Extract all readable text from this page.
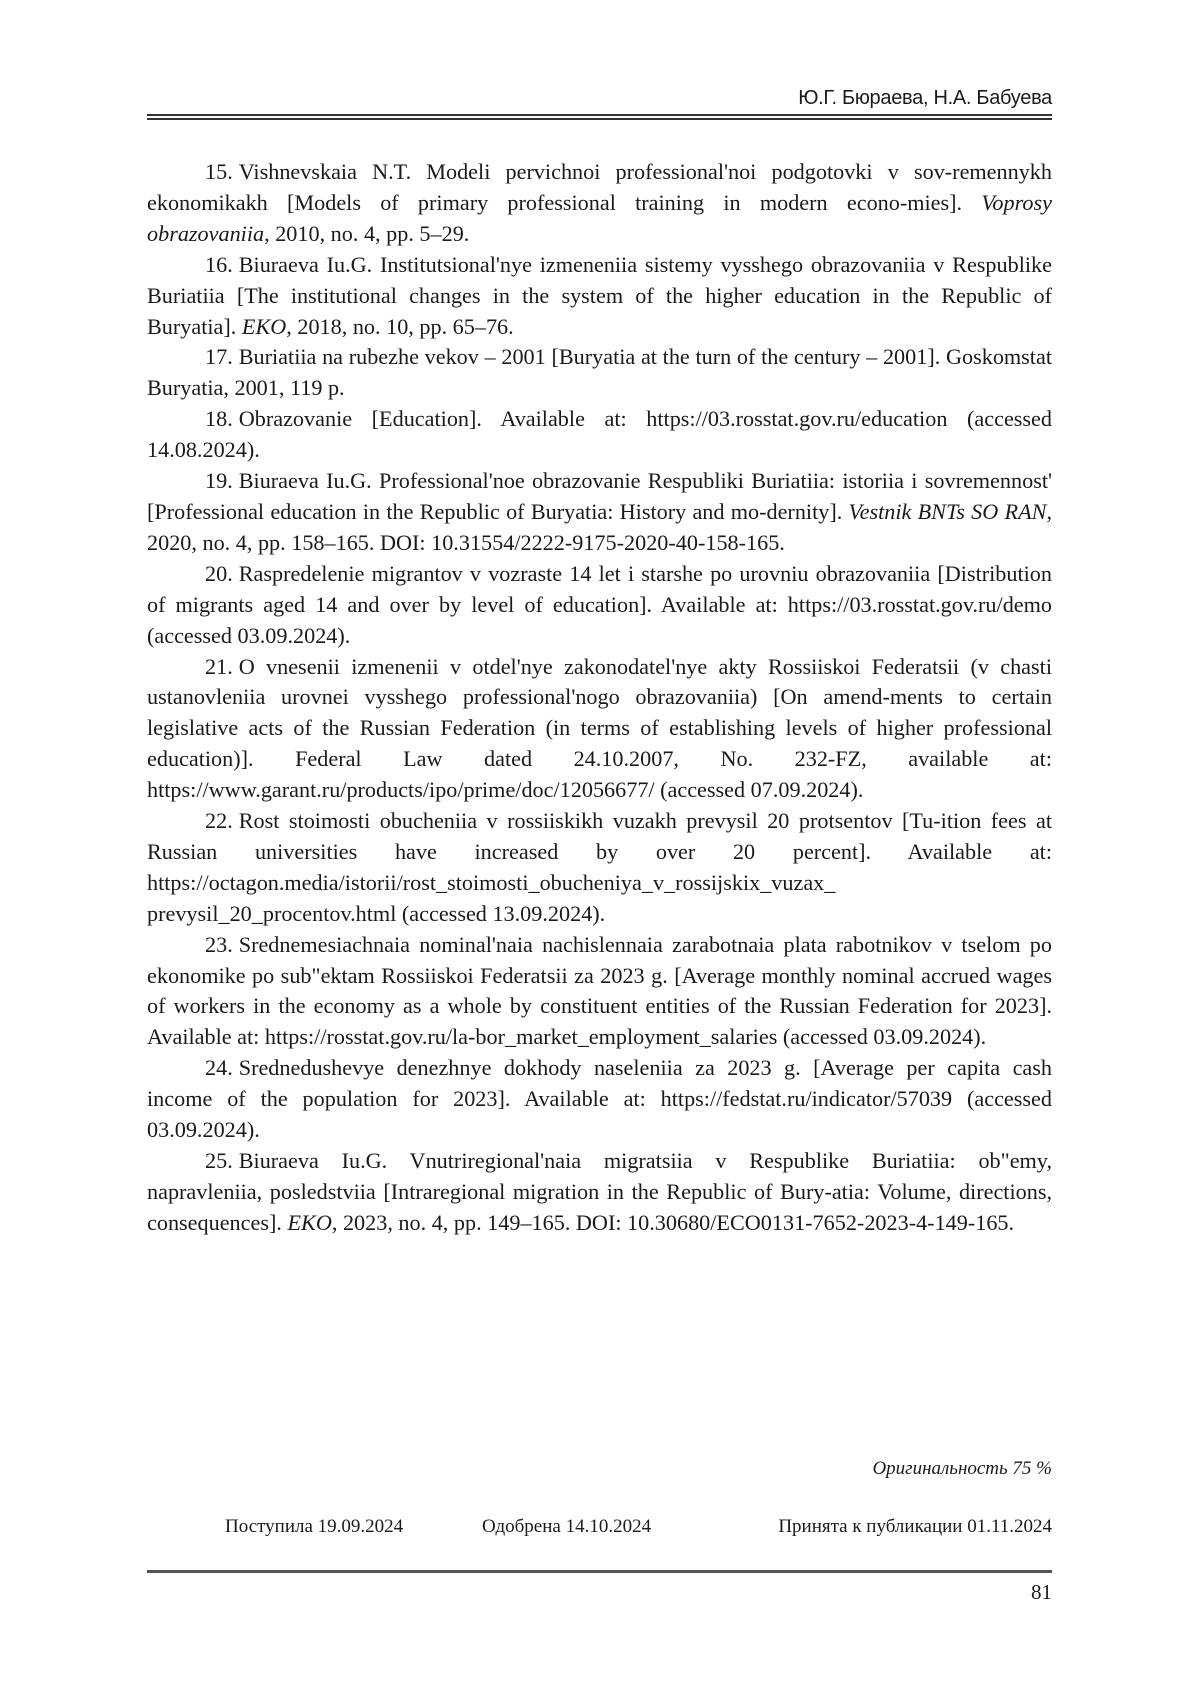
Ю.Г. Бюраева, Н.А. Бабуева

15. Vishnevskaia N.T. Modeli pervichnoi professional'noi podgotovki v sov-remennykh ekonomikakh [Models of primary professional training in modern econo-mies]. Voprosy obrazovaniia, 2010, no. 4, pp. 5–29.

16. Biuraeva Iu.G. Institutsional'nye izmeneniia sistemy vysshego obrazovaniia v Respublike Buriatiia [The institutional changes in the system of the higher education in the Republic of Buryatia]. EKO, 2018, no. 10, pp. 65–76.

17. Buriatiia na rubezhe vekov – 2001 [Buryatia at the turn of the century – 2001]. Goskomstat Buryatia, 2001, 119 p.

18. Obrazovanie [Education]. Available at: https://03.rosstat.gov.ru/education (accessed 14.08.2024).

19. Biuraeva Iu.G. Professional'noe obrazovanie Respubliki Buriatiia: istoriia i sovremennost' [Professional education in the Republic of Buryatia: History and mo-dernity]. Vestnik BNTs SO RAN, 2020, no. 4, pp. 158–165. DOI: 10.31554/2222-9175-2020-40-158-165.

20. Raspredelenie migrantov v vozraste 14 let i starshe po urovniu obrazovaniia [Distribution of migrants aged 14 and over by level of education]. Available at: https://03.rosstat.gov.ru/demo (accessed 03.09.2024).

21. O vnesenii izmenenii v otdel'nye zakonodatel'nye akty Rossiiskoi Federatsii (v chasti ustanovleniia urovnei vysshego professional'nogo obrazovaniia) [On amend-ments to certain legislative acts of the Russian Federation (in terms of establishing levels of higher professional education)]. Federal Law dated 24.10.2007, No. 232-FZ, available at: https://www.garant.ru/products/ipo/prime/doc/12056677/ (accessed 07.09.2024).

22. Rost stoimosti obucheniia v rossiiskikh vuzakh prevysil 20 protsentov [Tu-ition fees at Russian universities have increased by over 20 percent]. Available at: https://octagon.media/istorii/rost_stoimosti_obucheniya_v_rossijskix_vuzax_ prevysil_20_procentov.html (accessed 13.09.2024).

23. Srednemesiachnaia nominal'naia nachislennaia zarabotnaia plata rabotnikov v tselom po ekonomike po sub"ektam Rossiiskoi Federatsii za 2023 g. [Average monthly nominal accrued wages of workers in the economy as a whole by constituent entities of the Russian Federation for 2023]. Available at: https://rosstat.gov.ru/la-bor_market_employment_salaries (accessed 03.09.2024).

24. Srednedushevye denezhnye dokhody naseleniia za 2023 g. [Average per capita cash income of the population for 2023]. Available at: https://fedstat.ru/indicator/57039 (accessed 03.09.2024).

25. Biuraeva Iu.G. Vnutriregional'naia migratsiia v Respublike Buriatiia: ob"emy, napravleniia, posledstviia [Intraregional migration in the Republic of Bury-atia: Volume, directions, consequences]. EKO, 2023, no. 4, pp. 149–165. DOI: 10.30680/ECO0131-7652-2023-4-149-165.

Оригинальность 75 %
Поступила 19.09.2024	Одобрена 14.10.2024	Принята к публикации 01.11.2024
81
